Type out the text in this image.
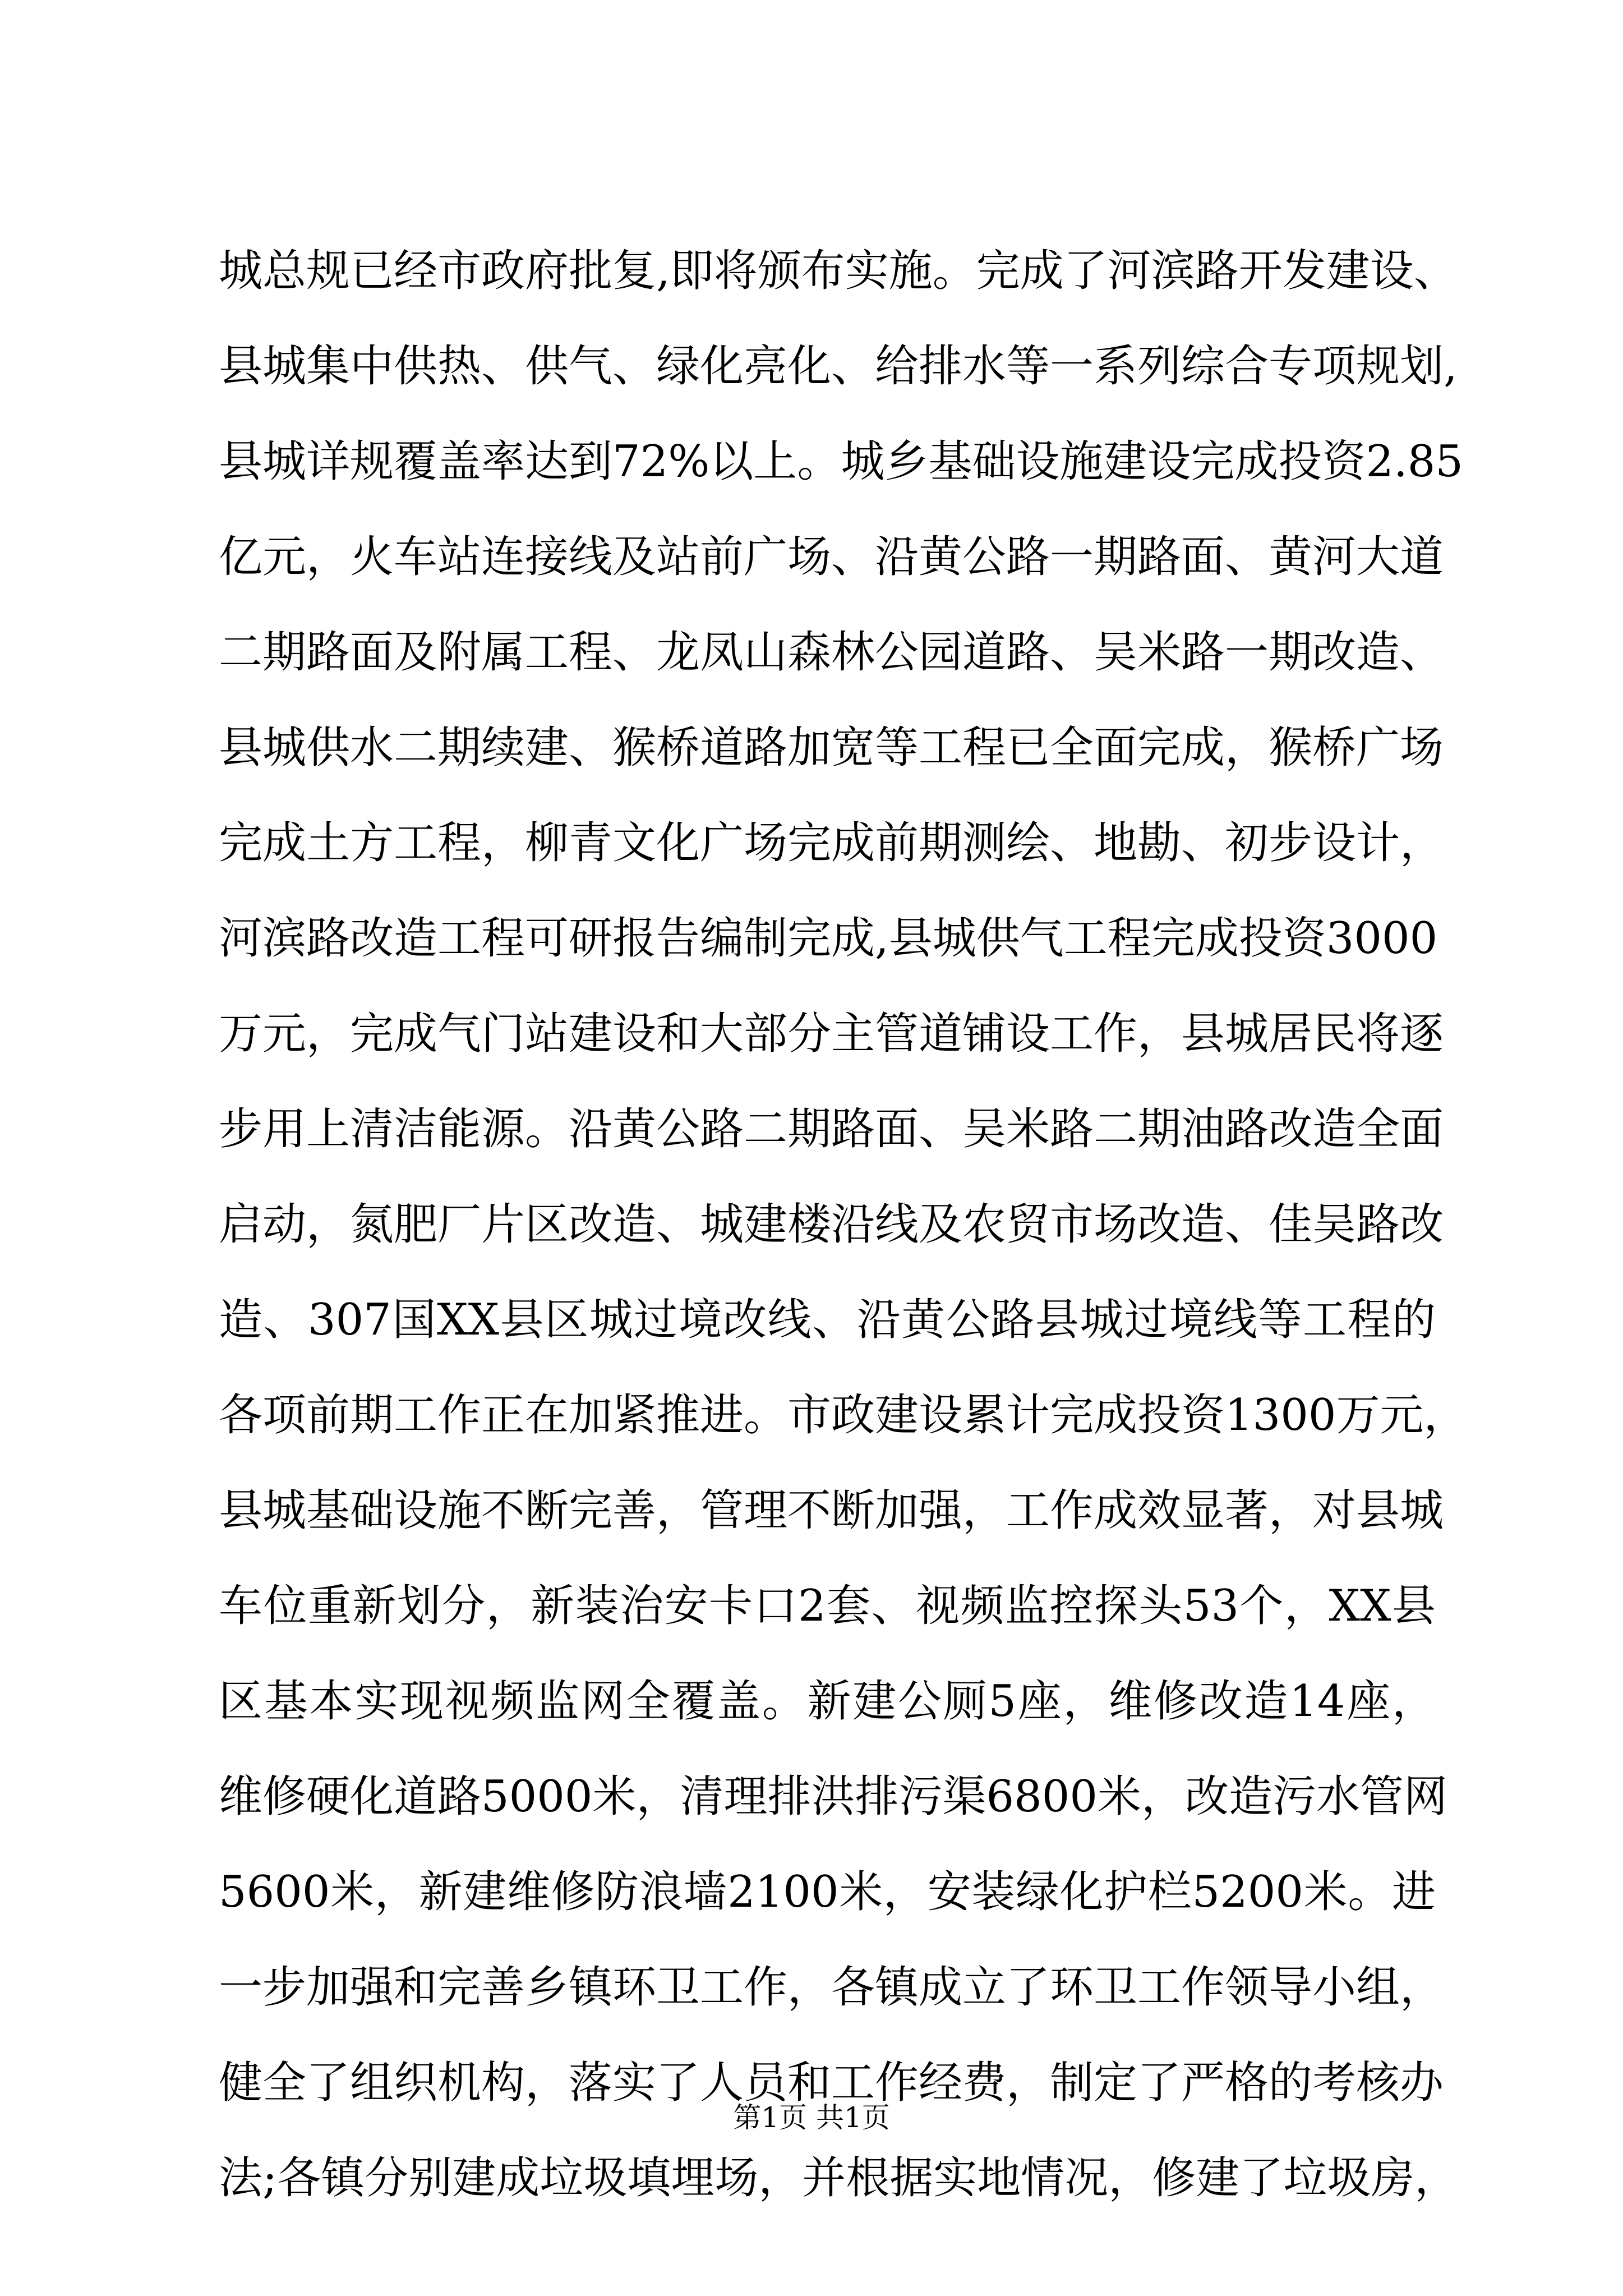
城总规已经市政府批复,即将颁布实施。完成了河滨路开发建设、
县城集中供热、供气、绿化亮化、给排水等一系列综合专项规划,
县城详规覆盖率达到72%以上。城乡基础设施建设完成投资2.85
亿元，火车站连接线及站前广场、沿黄公路一期路面、黄河大道
二期路面及附属工程、龙凤山森林公园道路、吴米路一期改造、
县城供水二期续建、猴桥道路加宽等工程已全面完成，猴桥广场
完成土方工程，柳青文化广场完成前期测绘、地勘、初步设计，
河滨路改造工程可研报告编制完成,县城供气工程完成投资3000
万元，完成气门站建设和大部分主管道铺设工作，县城居民将逐
步用上清洁能源。沿黄公路二期路面、吴米路二期油路改造全面
启动，氮肥厂片区改造、城建楼沿线及农贸市场改造、佳吴路改
造、307国XX县区城过境改线、沿黄公路县城过境线等工程的
各项前期工作正在加紧推进。市政建设累计完成投资1300万元，
县城基础设施不断完善，管理不断加强，工作成效显著，对县城
车位重新划分，新装治安卡口2套、视频监控探头53个，XX县
区基本实现视频监网全覆盖。新建公厕5座，维修改造14座，
维修硬化道路5000米，清理排洪排污渠6800米，改造污水管网
5600米，新建维修防浪墙2100米，安装绿化护栏5200米。进
一步加强和完善乡镇环卫工作，各镇成立了环卫工作领导小组，
健全了组织机构，落实了人员和工作经费，制定了严格的考核办
法;各镇分别建成垃圾填埋场，并根据实地情况，修建了垃圾房，
第1页 共1页
